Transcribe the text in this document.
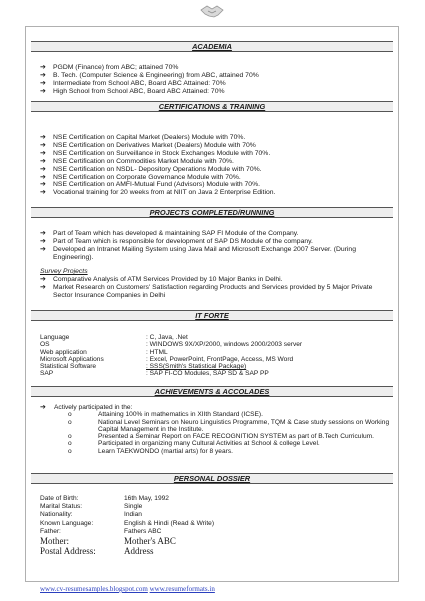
ACADEMIA
➔ PGDM (Finance) from ABC; attained 70%
➔ B. Tech. (Computer Science & Engineering) from ABC, attained 70%
➔ Intermediate from School ABC, Board ABC Attained: 70%
➔ High School from School ABC, Board ABC Attained: 70%
CERTIFICATIONS & TRAINING
➔ NSE Certification on Capital Market (Dealers) Module with 70%.
➔ NSE Certification on Derivatives Market (Dealers) Module with 70%
➔ NSE Certification on Surveillance in Stock Exchanges Module with 70%.
➔ NSE Certification on Commodities Market Module with 70%.
➔ NSE Certification on NSDL- Depository Operations Module with 70%.
➔ NSE Certification on Corporate Governance Module with 70%.
➔ NSE Certification on AMFI-Mutual Fund (Advisors) Module with 70%.
➔ Vocational training for 20 weeks from at NIIT on Java 2 Enterprise Edition.
PROJECTS COMPLETED/RUNNING
➔ Part of Team which has developed & maintaining SAP FI Module of the Company.
➔ Part of Team which is responsible for development of SAP DS Module of the company.
➔ Developed an Intranet Mailing System using Java Mail and Microsoft Exchange 2007 Server. (During Engineering).
Survey Projects
➔ Comparative Analysis of ATM Services Provided by 10 Major Banks in Delhi.
➔ Market Research on Customers' Satisfaction regarding Products and Services provided by 5 Major Private Sector Insurance Companies in Delhi
IT FORTE
Language	: C, Java, .Net
OS	: WINDOWS 9X/XP/2000, windows 2000/2003 server
Web application	: HTML
Microsoft Applications	: Excel, PowerPoint, FrontPage, Access, MS Word
Statistical Software	: SSS(Smith's Statistical Package)
SAP	: SAP FI-CO Modules, SAP SD & SAP PP
ACHIEVEMENTS & ACCOLADES
➔ Actively participated in the:
o	Attaining 100% in mathematics in XIIth Standard (ICSE).
o	National Level Seminars on Neuro Linguistics Programme, TQM & Case study sessions on Working Capital Management in the Institute.
o	Presented a Seminar Report on FACE RECOGNITION SYSTEM as part of B.Tech Curriculum.
o	Participated in organizing many Cultural Activities at School & college Level.
o	Learn TAEKWONDO (martial arts) for 8 years.
PERSONAL DOSSIER
Date of Birth:	16th May, 1992
Marital Status:	Single
Nationality:	Indian
Known Language:	English & Hindi (Read & Write)
Father:	Fathers ABC
Mother:	Mother's ABC
Postal Address:	Address
www.cv-resumesamples.blogspot.com www.resumeformats.in
